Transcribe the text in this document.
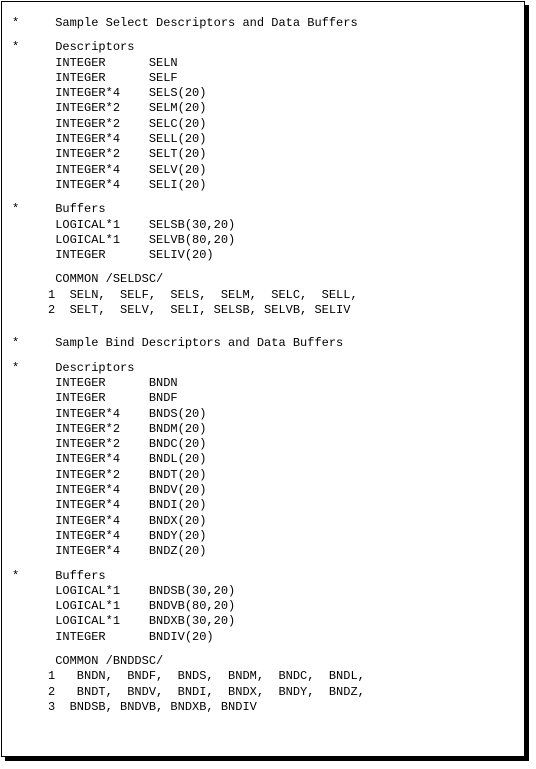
*     Sample Select Descriptors and Data Buffers
*     Descriptors
INTEGER      SELN
INTEGER      SELF
INTEGER*4    SELS(20)
INTEGER*2    SELM(20)
INTEGER*2    SELC(20)
INTEGER*4    SELL(20)
INTEGER*2    SELT(20)
INTEGER*4    SELV(20)
INTEGER*4    SELI(20)
*     Buffers
LOGICAL*1    SELSB(30,20)
LOGICAL*1    SELVB(80,20)
INTEGER      SELIV(20)
COMMON /SELDSC/
1  SELN,  SELF,  SELS,  SELM,  SELC,  SELL,
2  SELT,  SELV,  SELI, SELSB, SELVB, SELIV
*     Sample Bind Descriptors and Data Buffers
*     Descriptors
INTEGER      BNDN
INTEGER      BNDF
INTEGER*4    BNDS(20)
INTEGER*2    BNDM(20)
INTEGER*2    BNDC(20)
INTEGER*4    BNDL(20)
INTEGER*2    BNDT(20)
INTEGER*4    BNDV(20)
INTEGER*4    BNDI(20)
INTEGER*4    BNDX(20)
INTEGER*4    BNDY(20)
INTEGER*4    BNDZ(20)
*     Buffers
LOGICAL*1    BNDSB(30,20)
LOGICAL*1    BNDVB(80,20)
LOGICAL*1    BNDXB(30,20)
INTEGER      BNDIV(20)
COMMON /BNDDSC/
1   BNDN,  BNDF,  BNDS,  BNDM,  BNDC,  BNDL,
2   BNDT,  BNDV,  BNDI,  BNDX,  BNDY,  BNDZ,
3  BNDSB, BNDVB, BNDXB, BNDIV
